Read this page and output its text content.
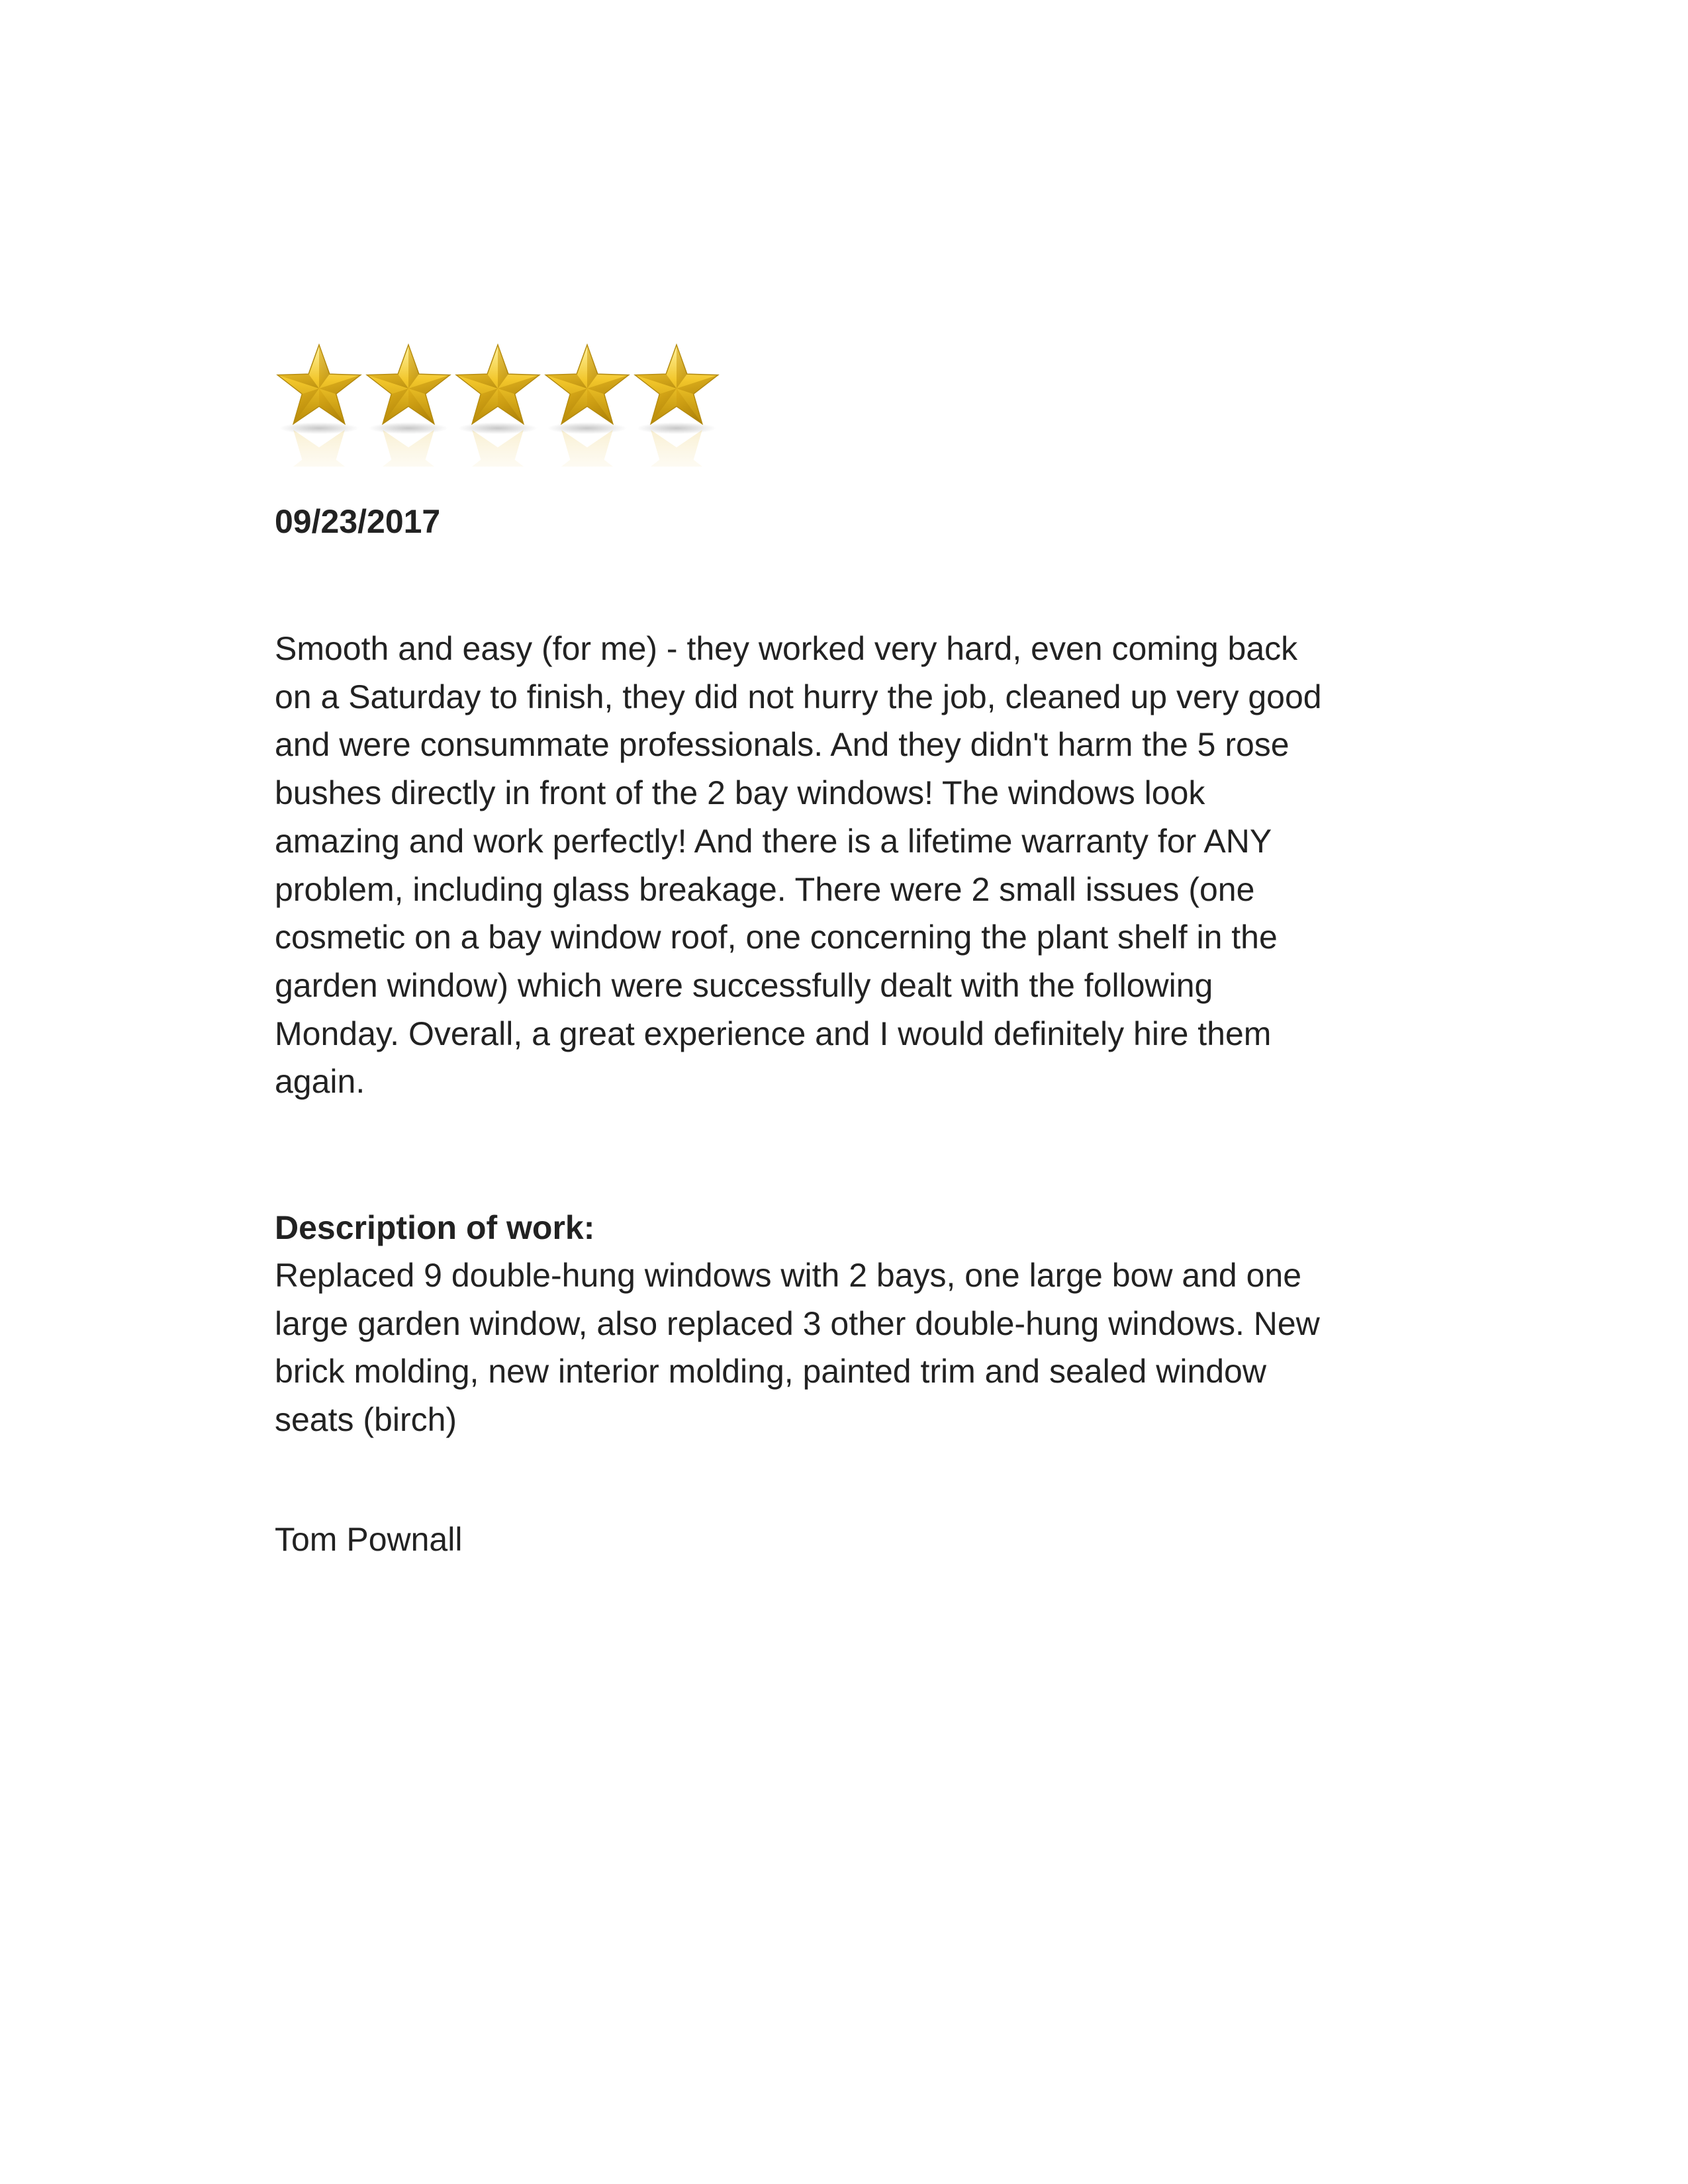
09/23/2017

Smooth and easy (for me) - they worked very hard, even coming back
on a Saturday to finish, they did not hurry the job, cleaned up very good
and were consummate professionals. And they didn't harm the 5 rose
bushes directly in front of the 2 bay windows! The windows look
amazing and work perfectly! And there is a lifetime warranty for ANY
problem, including glass breakage. There were 2 small issues (one
cosmetic on a bay window roof, one concerning the plant shelf in the
garden window) which were successfully dealt with the following
Monday. Overall, a great experience and I would definitely hire them
again.

Description of work:

Replaced 9 double-hung windows with 2 bays, one large bow and one
large garden window, also replaced 3 other double-hung windows. New
brick molding, new interior molding, painted trim and sealed window
seats (birch)

Tom Pownall
